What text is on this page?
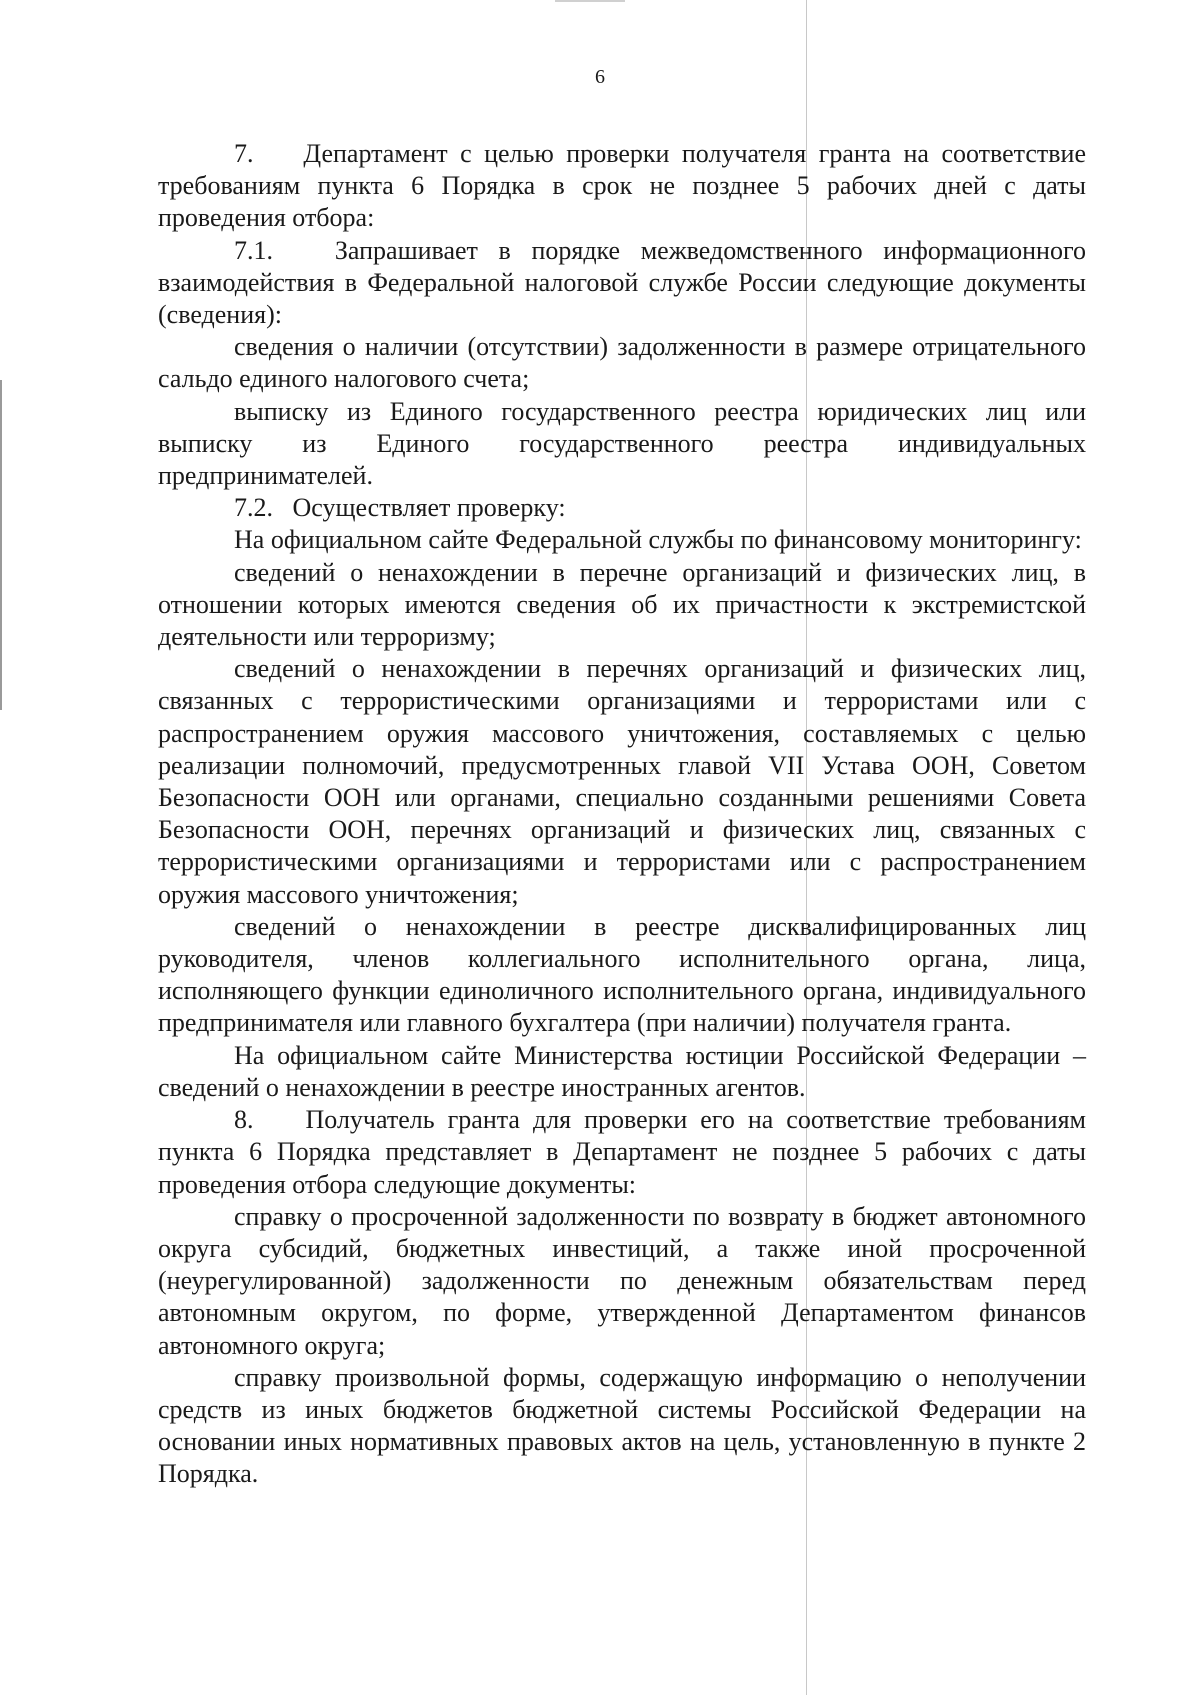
6

7.    Департамент с целью проверки получателя гранта на соответствие требованиям пункта 6 Порядка в срок не позднее 5 рабочих дней с даты проведения отбора:

7.1.   Запрашивает в порядке межведомственного информационного взаимодействия в Федеральной налоговой службе России следующие документы (сведения):

сведения о наличии (отсутствии) задолженности в размере отрицательного сальдо единого налогового счета;

выписку из Единого государственного реестра юридических лиц или выписку из Единого государственного реестра индивидуальных предпринимателей.

7.2.   Осуществляет проверку:

На официальном сайте Федеральной службы по финансовому мониторингу:

сведений о ненахождении в перечне организаций и физических лиц, в отношении которых имеются сведения об их причастности к экстремистской деятельности или терроризму;

сведений о ненахождении в перечнях организаций и физических лиц, связанных с террористическими организациями и террористами или с распространением оружия массового уничтожения, составляемых с целью реализации полномочий, предусмотренных главой VII Устава ООН, Советом Безопасности ООН или органами, специально созданными решениями Совета Безопасности ООН, перечнях организаций и физических лиц, связанных с террористическими организациями и террористами или с распространением оружия массового уничтожения;

сведений о ненахождении в реестре дисквалифицированных лиц руководителя, членов коллегиального исполнительного органа, лица, исполняющего функции единоличного исполнительного органа, индивидуального предпринимателя или главного бухгалтера (при наличии) получателя гранта.

На официальном сайте Министерства юстиции Российской Федерации – сведений о ненахождении в реестре иностранных агентов.

8.    Получатель гранта для проверки его на соответствие требованиям пункта 6 Порядка представляет в Департамент не позднее 5 рабочих с даты проведения отбора следующие документы:

справку о просроченной задолженности по возврату в бюджет автономного округа субсидий, бюджетных инвестиций, а также иной просроченной (неурегулированной) задолженности по денежным обязательствам перед автономным округом, по форме, утвержденной Департаментом финансов автономного округа;

справку произвольной формы, содержащую информацию о неполучении средств из иных бюджетов бюджетной системы Российской Федерации на основании иных нормативных правовых актов на цель, установленную в пункте 2 Порядка.
